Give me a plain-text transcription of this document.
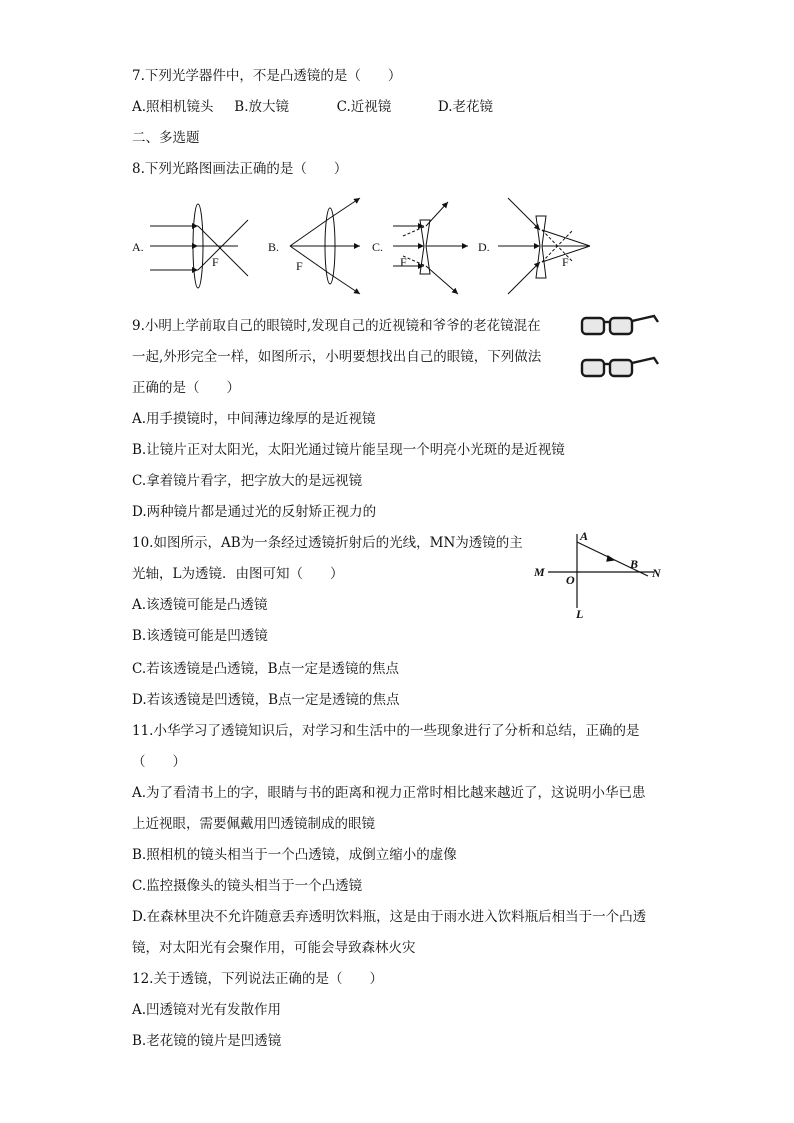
7.下列光学器件中，不是凸透镜的是（　　）
A.照相机镜头 B.放大镜	C.近视镜	D.老花镜
二、多选题
8.下列光路图画法正确的是（　　）
A.	B.	C.	D.
F	F	F	F
9.小明上学前取自己的眼镜时,发现自己的近视镜和爷爷的老花镜混在
一起,外形完全一样，如图所示，小明要想找出自己的眼镜，下列做法
正确的是（　　）
A.用手摸镜时，中间薄边缘厚的是近视镜
B.让镜片正对太阳光，太阳光通过镜片能呈现一个明亮小光斑的是近视镜
C.拿着镜片看字，把字放大的是远视镜
D.两种镜片都是通过光的反射矫正视力的
10.如图所示，AB为一条经过透镜折射后的光线，MN为透镜的主
光轴，L为透镜．由图可知（　　）
A
B
M	N
O
L
A.该透镜可能是凸透镜
B.该透镜可能是凹透镜
C.若该透镜是凸透镜，B点一定是透镜的焦点
D.若该透镜是凹透镜，B点一定是透镜的焦点
11.小华学习了透镜知识后，对学习和生活中的一些现象进行了分析和总结，正确的是
（　　）
A.为了看清书上的字，眼睛与书的距离和视力正常时相比越来越近了，这说明小华已患
上近视眼，需要佩戴用凹透镜制成的眼镜
B.照相机的镜头相当于一个凸透镜，成倒立缩小的虚像
C.监控摄像头的镜头相当于一个凸透镜
D.在森林里决不允许随意丢弃透明饮料瓶，这是由于雨水进入饮料瓶后相当于一个凸透
镜，对太阳光有会聚作用，可能会导致森林火灾
12.关于透镜，下列说法正确的是（　　）
A.凹透镜对光有发散作用
B.老花镜的镜片是凹透镜
